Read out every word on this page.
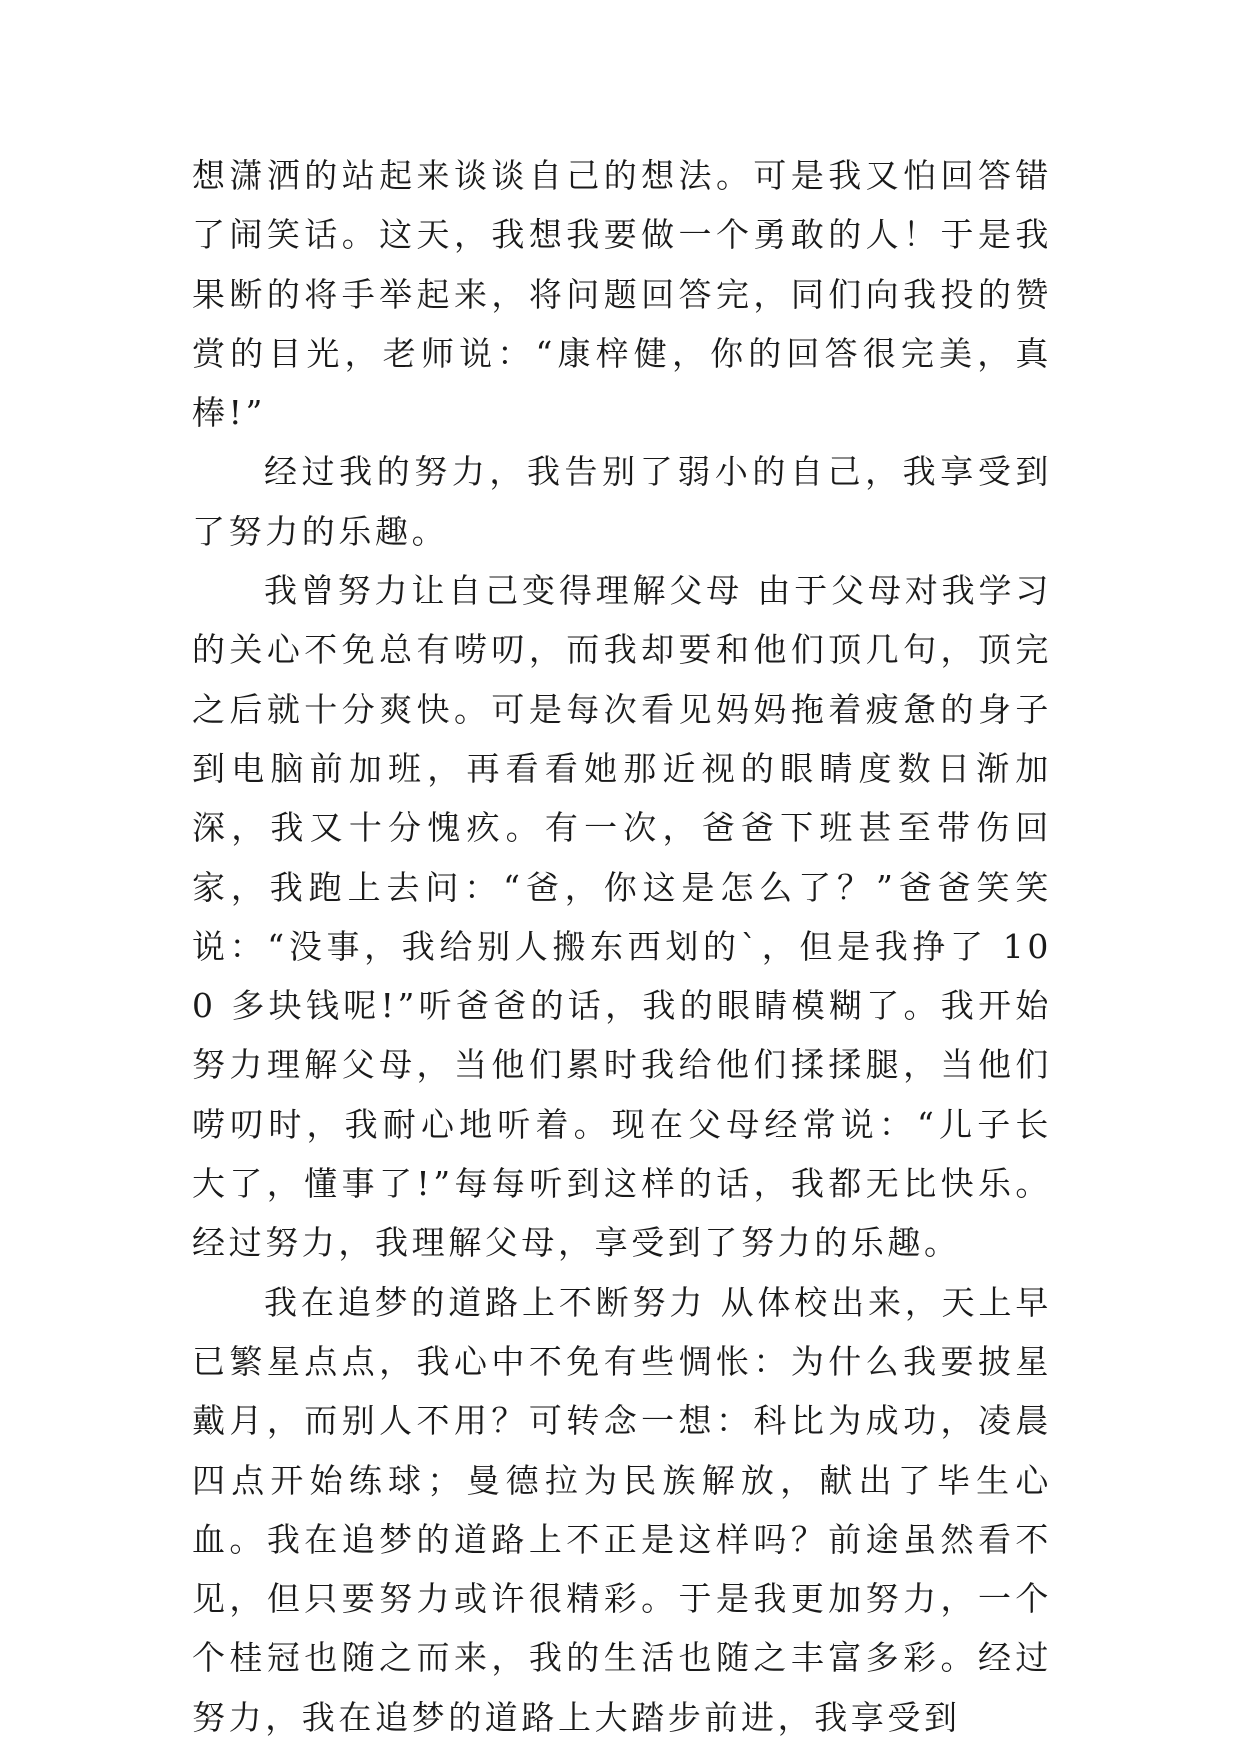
想潇洒的站起来谈谈自己的想法。可是我又怕回答错了闹笑话。这天，我想我要做一个勇敢的人！于是我果断的将手举起来，将问题回答完，同们向我投的赞赏的目光，老师说：“康梓健，你的回答很完美，真棒!”

经过我的努力，我告别了弱小的自己，我享受到了努力的乐趣。

我曾努力让自己变得理解父母 由于父母对我学习的关心不免总有唠叨，而我却要和他们顶几句，顶完之后就十分爽快。可是每次看见妈妈拖着疲惫的身子到电脑前加班，再看看她那近视的眼睛度数日渐加深，我又十分愧疚。有一次，爸爸下班甚至带伤回家，我跑上去问：“爸，你这是怎么了？”爸爸笑笑说：“没事，我给别人搬东西划的`，但是我挣了 100 多块钱呢!”听爸爸的话，我的眼睛模糊了。我开始努力理解父母，当他们累时我给他们揉揉腿，当他们唠叨时，我耐心地听着。现在父母经常说：“儿子长大了，懂事了!”每每听到这样的话，我都无比快乐。经过努力，我理解父母，享受到了努力的乐趣。

我在追梦的道路上不断努力 从体校出来，天上早已繁星点点，我心中不免有些惆怅：为什么我要披星戴月，而别人不用？可转念一想：科比为成功，凌晨四点开始练球；曼德拉为民族解放，献出了毕生心血。我在追梦的道路上不正是这样吗？前途虽然看不见，但只要努力或许很精彩。于是我更加努力，一个个桂冠也随之而来，我的生活也随之丰富多彩。经过努力，我在追梦的道路上大踏步前进，我享受到
